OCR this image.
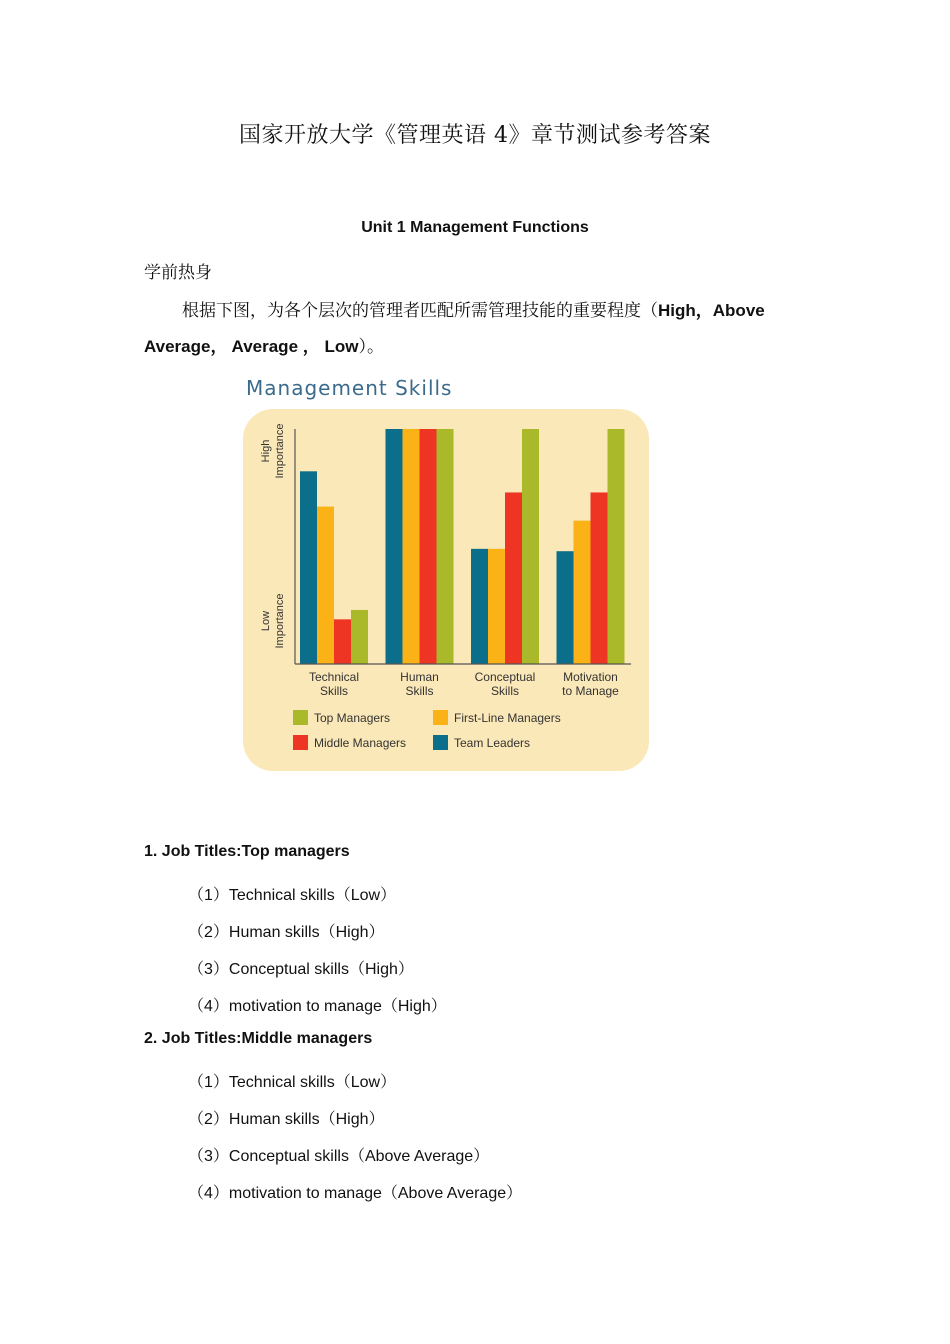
国家开放大学《管理英语 4》章节测试参考答案
Unit 1 Management Functions
学前热身
根据下图，为各个层次的管理者匹配所需管理技能的重要程度（High，Above Average， Average ， Low）。
Management Skills
High Importance
Low Importance
Technical Skills
Human Skills
Conceptual Skills
Motivation to Manage
Top Managers	First-Line Managers
Middle Managers	Team Leaders
1. Job Titles:Top managers
（1）Technical skills（Low）
（2）Human skills（High）
（3）Conceptual skills（High）
（4）motivation to manage（High）
2. Job Titles:Middle managers
（1）Technical skills（Low）
（2）Human skills（High）
（3）Conceptual skills（Above Average）
（4）motivation to manage（Above Average）
